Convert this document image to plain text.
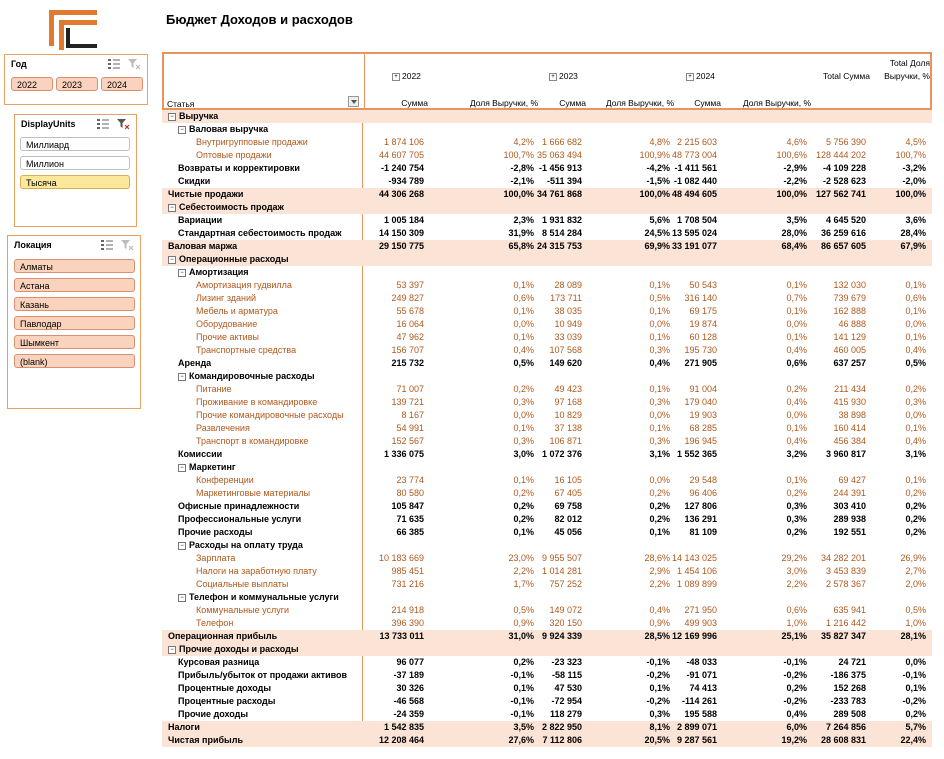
Бюджет Доходов и расходов
Год
2022	2023	2024
DisplayUnits
Миллиард
Миллион
Тысяча
Локация
Алматы
Астана
Казань
Павлодар
Шымкент
(blank)
Статья
+ 2022	+ 2023	+ 2024	Total Сумма
Total Доля
Выручки, %
Сумма	Доля Выручки, %	Сумма	Доля Выручки, %	Сумма	Доля Выручки, %
− Выручка
− Валовая выручка
Внутригрупповые продажи	1 874 106	4,2% 1 666 682	4,8% 2 215 603	4,6%	5 756 390	4,5%
Оптовые продажи	44 607 705	100,7% 35 063 494	100,9% 48 773 004	100,6% 128 444 202	100,7%
Возвраты и корректировки	-1 240 754	-2,8% -1 456 913	-4,2% -1 411 561	-2,9%	-4 109 228	-3,2%
Скидки	-934 789	-2,1%	-511 394	-1,5% -1 082 440	-2,2%	-2 528 623	-2,0%
Чистые продажи	44 306 268	100,0% 34 761 868	100,0% 48 494 605	100,0% 127 562 741	100,0%
− Себестоимость продаж
Вариации	1 005 184	2,3% 1 931 832	5,6% 1 708 504	3,5%	4 645 520	3,6%
Стандартная себестоимость продаж	14 150 309	31,9% 8 514 284	24,5% 13 595 024	28,0%	36 259 616	28,4%
Валовая маржа	29 150 775	65,8% 24 315 753	69,9% 33 191 077	68,4%	86 657 605	67,9%
− Операционные расходы
− Амортизация
Амортизация гудвилла	53 397	0,1%	28 089	0,1%	50 543	0,1%	132 030	0,1%
Лизинг зданий	249 827	0,6%	173 711	0,5%	316 140	0,7%	739 679	0,6%
Мебель и арматура	55 678	0,1%	38 035	0,1%	69 175	0,1%	162 888	0,1%
Оборудование	16 064	0,0%	10 949	0,0%	19 874	0,0%	46 888	0,0%
Прочие активы	47 962	0,1%	33 039	0,1%	60 128	0,1%	141 129	0,1%
Транспортные средства	156 707	0,4%	107 568	0,3%	195 730	0,4%	460 005	0,4%
Аренда	215 732	0,5%	149 620	0,4%	271 905	0,6%	637 257	0,5%
− Командировочные расходы
Питание	71 007	0,2%	49 423	0,1%	91 004	0,2%	211 434	0,2%
Проживание в командировке	139 721	0,3%	97 168	0,3%	179 040	0,4%	415 930	0,3%
Прочие командировочные расходы	8 167	0,0%	10 829	0,0%	19 903	0,0%	38 898	0,0%
Развлечения	54 991	0,1%	37 138	0,1%	68 285	0,1%	160 414	0,1%
Транспорт в командировке	152 567	0,3%	106 871	0,3%	196 945	0,4%	456 384	0,4%
Комиссии	1 336 075	3,0% 1 072 376	3,1% 1 552 365	3,2%	3 960 817	3,1%
− Маркетинг
Конференции	23 774	0,1%	16 105	0,0%	29 548	0,1%	69 427	0,1%
Маркетинговые материалы	80 580	0,2%	67 405	0,2%	96 406	0,2%	244 391	0,2%
Офисные принадлежности	105 847	0,2%	69 758	0,2%	127 806	0,3%	303 410	0,2%
Профессиональные услуги	71 635	0,2%	82 012	0,2%	136 291	0,3%	289 938	0,2%
Прочие расходы	66 385	0,1%	45 056	0,1%	81 109	0,2%	192 551	0,2%
− Расходы на оплату труда
Зарплата	10 183 669	23,0% 9 955 507	28,6% 14 143 025	29,2%	34 282 201	26,9%
Налоги на заработную плату	985 451	2,2% 1 014 281	2,9% 1 454 106	3,0%	3 453 839	2,7%
Социальные выплаты	731 216	1,7%	757 252	2,2% 1 089 899	2,2%	2 578 367	2,0%
− Телефон и коммунальные услуги
Коммунальные услуги	214 918	0,5%	149 072	0,4%	271 950	0,6%	635 941	0,5%
Телефон	396 390	0,9%	320 150	0,9%	499 903	1,0%	1 216 442	1,0%
Операционная прибыль	13 733 011	31,0% 9 924 339	28,5% 12 169 996	25,1%	35 827 347	28,1%
− Прочие доходы и расходы
Курсовая разница	96 077	0,2%	-23 323	-0,1%	-48 033	-0,1%	24 721	0,0%
Прибыль/убыток от продажи активов	-37 189	-0,1%	-58 115	-0,2%	-91 071	-0,2%	-186 375	-0,1%
Процентные доходы	30 326	0,1%	47 530	0,1%	74 413	0,2%	152 268	0,1%
Процентные расходы	-46 568	-0,1%	-72 954	-0,2%	-114 261	-0,2%	-233 783	-0,2%
Прочие доходы	-24 359	-0,1%	118 279	0,3%	195 588	0,4%	289 508	0,2%
Налоги	1 542 835	3,5% 2 822 950	8,1% 2 899 071	6,0%	7 264 856	5,7%
Чистая прибыль	12 208 464	27,6% 7 112 806	20,5% 9 287 561	19,2%	28 608 831	22,4%
